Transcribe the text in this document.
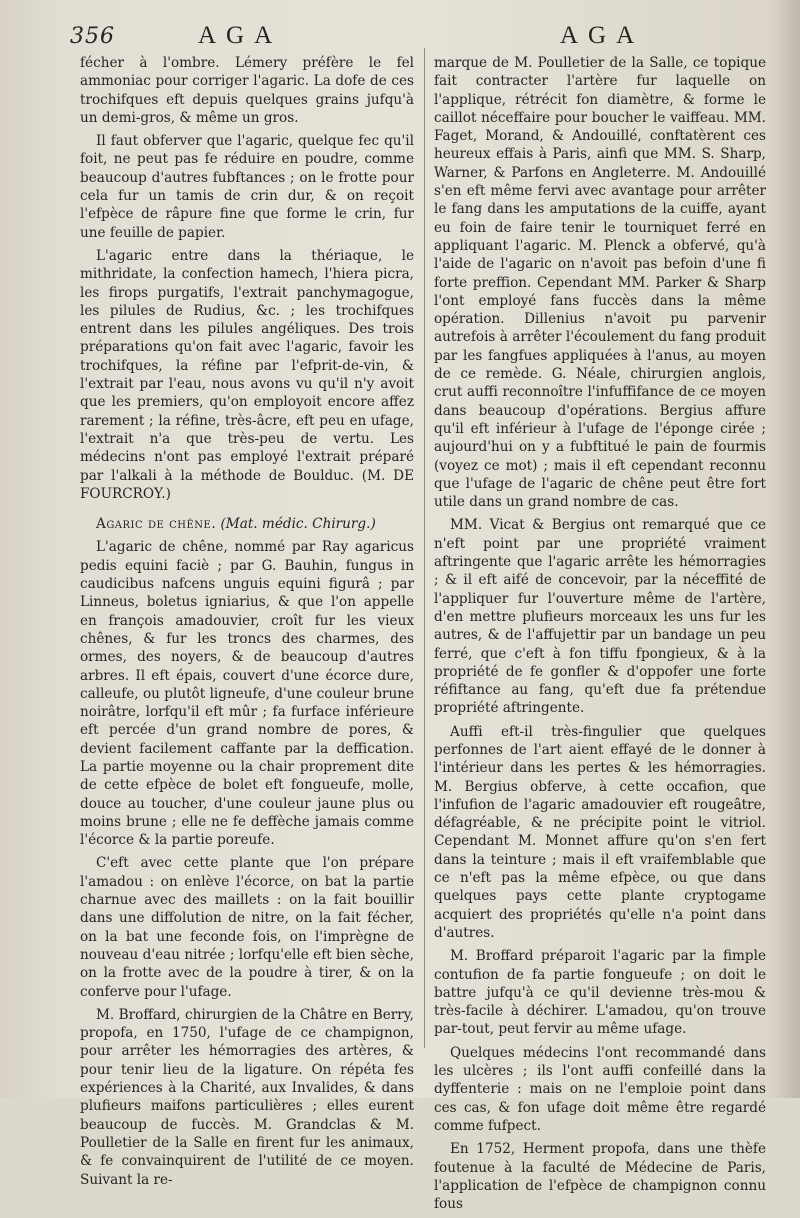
356	AGA	AGA

fécher à l'ombre. Lémery préfère le fel ammoniac pour corriger l'agaric. La dofe de ces trochifques eft depuis quelques grains jufqu'à un demi-gros, & même un gros.

Il faut obferver que l'agaric, quelque fec qu'il foit, ne peut pas fe réduire en poudre, comme beaucoup d'autres fubftances ; on le frotte pour cela fur un tamis de crin dur, & on reçoit l'efpèce de râpure fine que forme le crin, fur une feuille de papier.

L'agaric entre dans la thériaque, le mithridate, la confection hamech, l'hiera picra, les firops purgatifs, l'extrait panchymagogue, les pilules de Rudius, &c. ; les trochifques entrent dans les pilules angéliques. Des trois préparations qu'on fait avec l'agaric, favoir les trochifques, la réfine par l'efprit-de-vin, & l'extrait par l'eau, nous avons vu qu'il n'y avoit que les premiers, qu'on employoit encore affez rarement ; la réfine, très-âcre, eft peu en ufage, l'extrait n'a que très-peu de vertu. Les médecins n'ont pas employé l'extrait préparé par l'alkali à la méthode de Boulduc. (M. DE FOURCROY.)

Agaric de chêne. (Mat. médic. Chirurg.)

L'agaric de chêne, nommé par Ray agaricus pedis equini faciè ; par G. Bauhin, fungus in caudicibus nafcens unguis equini figurâ ; par Linneus, boletus igniarius, & que l'on appelle en françois amadouvier, croît fur les vieux chênes, & fur les troncs des charmes, des ormes, des noyers, & de beaucoup d'autres arbres. Il eft épais, couvert d'une écorce dure, calleufe, ou plutôt ligneufe, d'une couleur brune noirâtre, lorfqu'il eft mûr ; fa furface inférieure eft percée d'un grand nombre de pores, & devient facilement caffante par la deffication. La partie moyenne ou la chair proprement dite de cette efpèce de bolet eft fongueufe, molle, douce au toucher, d'une couleur jaune plus ou moins brune ; elle ne fe deffèche jamais comme l'écorce & la partie poreufe.

C'eft avec cette plante que l'on prépare l'amadou : on enlève l'écorce, on bat la partie charnue avec des maillets : on la fait bouillir dans une diffolution de nitre, on la fait fécher, on la bat une feconde fois, on l'imprègne de nouveau d'eau nitrée ; lorfqu'elle eft bien sèche, on la frotte avec de la poudre à tirer, & on la conferve pour l'ufage.

M. Broffard, chirurgien de la Châtre en Berry, propofa, en 1750, l'ufage de ce champignon, pour arrêter les hémorragies des artères, & pour tenir lieu de la ligature. On répéta fes expériences à la Charité, aux Invalides, & dans plufieurs maifons particulières ; elles eurent beaucoup de fuccès. M. Grandclas & M. Poulletier de la Salle en firent fur les animaux, & fe convainquirent de l'utilité de ce moyen. Suivant la re-

marque de M. Poulletier de la Salle, ce topique fait contracter l'artère fur laquelle on l'applique, rétrécit fon diamètre, & forme le caillot néceffaire pour boucher le vaiffeau. MM. Faget, Morand, & Andouillé, conftatèrent ces heureux effais à Paris, ainfi que MM. S. Sharp, Warner, & Parfons en Angleterre. M. Andouillé s'en eft même fervi avec avantage pour arrêter le fang dans les amputations de la cuiffe, ayant eu foin de faire tenir le tourniquet ferré en appliquant l'agaric. M. Plenck a obfervé, qu'à l'aide de l'agaric on n'avoit pas befoin d'une fi forte preffion. Cependant MM. Parker & Sharp l'ont employé fans fuccès dans la même opération. Dillenius n'avoit pu parvenir autrefois à arrêter l'écoulement du fang produit par les fangfues appliquées à l'anus, au moyen de ce remède. G. Néale, chirurgien anglois, crut auffi reconnoître l'infuffifance de ce moyen dans beaucoup d'opérations. Bergius affure qu'il eft inférieur à l'ufage de l'éponge cirée ; aujourd'hui on y a fubftitué le pain de fourmis (voyez ce mot) ; mais il eft cependant reconnu que l'ufage de l'agaric de chêne peut être fort utile dans un grand nombre de cas.

MM. Vicat & Bergius ont remarqué que ce n'eft point par une propriété vraiment aftringente que l'agaric arrête les hémorragies ; & il eft aifé de concevoir, par la néceffité de l'appliquer fur l'ouverture même de l'artère, d'en mettre plufieurs morceaux les uns fur les autres, & de l'affujettir par un bandage un peu ferré, que c'eft à fon tiffu fpongieux, & à la propriété de fe gonfler & d'oppofer une forte réfiftance au fang, qu'eft due fa prétendue propriété aftringente.

Auffi eft-il très-fingulier que quelques perfonnes de l'art aient effayé de le donner à l'intérieur dans les pertes & les hémorragies. M. Bergius obferve, à cette occafion, que l'infufion de l'agaric amadouvier eft rougeâtre, défagréable, & ne précipite point le vitriol. Cependant M. Monnet affure qu'on s'en fert dans la teinture ; mais il eft vraifemblable que ce n'eft pas la même efpèce, ou que dans quelques pays cette plante cryptogame acquiert des propriétés qu'elle n'a point dans d'autres.

M. Broffard préparoit l'agaric par la fimple contufion de fa partie fongueufe ; on doit le battre jufqu'à ce qu'il devienne très-mou & très-facile à déchirer. L'amadou, qu'on trouve par-tout, peut fervir au même ufage.

Quelques médecins l'ont recommandé dans les ulcères ; ils l'ont auffi confeillé dans la dyffenterie : mais on ne l'emploie point dans ces cas, & fon ufage doit même être regardé comme fufpect.

En 1752, Herment propofa, dans une thèfe foutenue à la faculté de Médecine de Paris, l'application de l'efpèce de champignon connu fous
